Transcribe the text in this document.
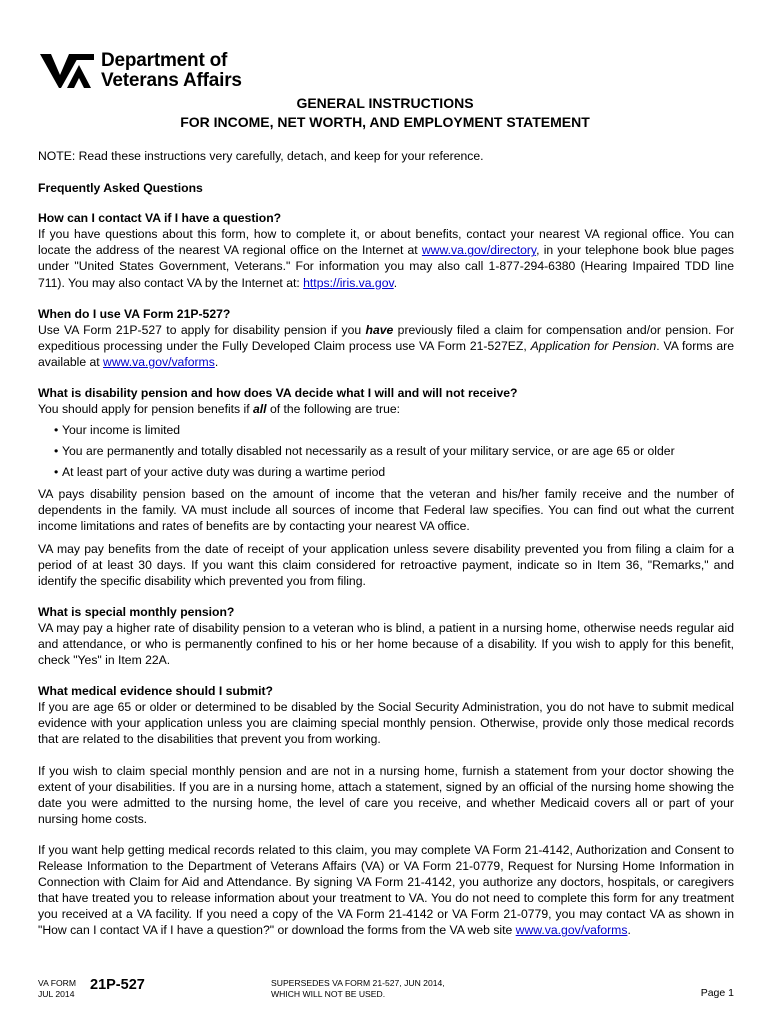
Department of
Veterans Affairs
GENERAL INSTRUCTIONS
FOR INCOME, NET WORTH, AND EMPLOYMENT STATEMENT

NOTE: Read these instructions very carefully, detach, and keep for your reference.

Frequently Asked Questions

How can I contact VA if I have a question?

If you have questions about this form, how to complete it, or about benefits, contact your nearest VA regional office. You can locate the address of the nearest VA regional office on the Internet at www.va.gov/directory, in your telephone book blue pages under "United States Government, Veterans." For information you may also call 1-877-294-6380 (Hearing Impaired TDD line 711). You may also contact VA by the Internet at: https://iris.va.gov.

When do I use VA Form 21P-527?

Use VA Form 21P-527 to apply for disability pension if you have previously filed a claim for compensation and/or pension. For expeditious processing under the Fully Developed Claim process use VA Form 21-527EZ, Application for Pension. VA forms are available at www.va.gov/vaforms.

What is disability pension and how does VA decide what I will and will not receive?

You should apply for pension benefits if all of the following are true:

• Your income is limited
• You are permanently and totally disabled not necessarily as a result of your military service, or are age 65 or older
• At least part of your active duty was during a wartime period

VA pays disability pension based on the amount of income that the veteran and his/her family receive and the number of dependents in the family. VA must include all sources of income that Federal law specifies. You can find out what the current income limitations and rates of benefits are by contacting your nearest VA office.

VA may pay benefits from the date of receipt of your application unless severe disability prevented you from filing a claim for a period of at least 30 days. If you want this claim considered for retroactive payment, indicate so in Item 36, "Remarks," and identify the specific disability which prevented you from filing.

What is special monthly pension?

VA may pay a higher rate of disability pension to a veteran who is blind, a patient in a nursing home, otherwise needs regular aid and attendance, or who is permanently confined to his or her home because of a disability. If you wish to apply for this benefit, check "Yes" in Item 22A.

What medical evidence should I submit?

If you are age 65 or older or determined to be disabled by the Social Security Administration, you do not have to submit medical evidence with your application unless you are claiming special monthly pension. Otherwise, provide only those medical records that are related to the disabilities that prevent you from working.

If you wish to claim special monthly pension and are not in a nursing home, furnish a statement from your doctor showing the extent of your disabilities. If you are in a nursing home, attach a statement, signed by an official of the nursing home showing the date you were admitted to the nursing home, the level of care you receive, and whether Medicaid covers all or part of your nursing home costs.

If you want help getting medical records related to this claim, you may complete VA Form 21-4142, Authorization and Consent to Release Information to the Department of Veterans Affairs (VA) or VA Form 21-0779, Request for Nursing Home Information in Connection with Claim for Aid and Attendance. By signing VA Form 21-4142, you authorize any doctors, hospitals, or caregivers that have treated you to release information about your treatment to VA. You do not need to complete this form for any treatment you received at a VA facility. If you need a copy of the VA Form 21-4142 or VA Form 21-0779, you may contact VA as shown in "How can I contact VA if I have a question?" or download the forms from the VA web site www.va.gov/vaforms.

VA FORM
JUL 2014
21P-527	SUPERSEDES VA FORM 21-527, JUN 2014,
WHICH WILL NOT BE USED.	Page 1
